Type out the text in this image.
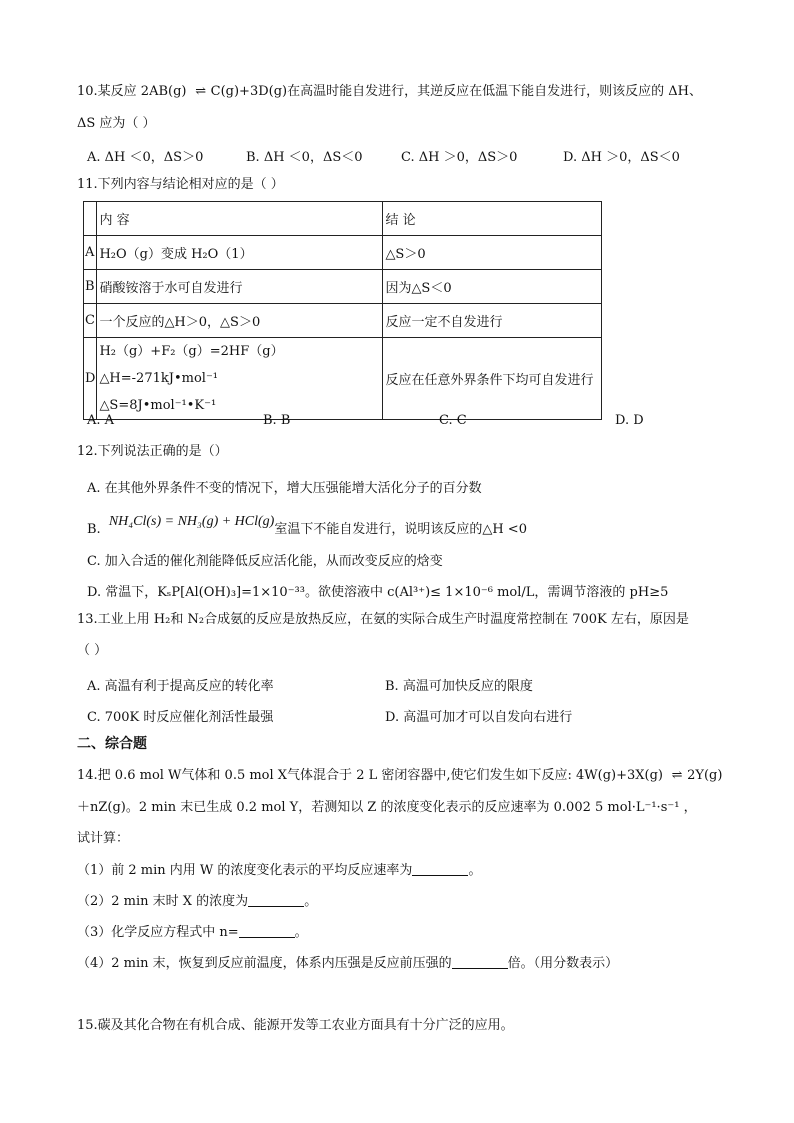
10.某反应 2AB(g) ⇌ C(g)+3D(g)在高温时能自发进行，其逆反应在低温下能自发进行，则该反应的 ΔH、
ΔS 应为（ ）
A. ΔH ＜0，ΔS＞0	B. ΔH ＜0，ΔS＜0	C. ΔH ＞0，ΔS＞0	D. ΔH ＞0，ΔS＜0
11.下列内容与结论相对应的是（ ）
	内 容	结 论
A	H₂O（g）变成 H₂O（1）	△S＞0
B	硝酸铵溶于水可自发进行	因为△S＜0
C	一个反应的△H＞0，△S＞0	反应一定不自发进行
D	H₂（g）+F₂（g）=2HF（g）△H=-271kJ•mol⁻¹
△S=8J•mol⁻¹•K⁻¹	反应在任意外界条件下均可自发进行
A. A	B. B	C. C	D. D
12.下列说法正确的是（）
A. 在其他外界条件不变的情况下，增大压强能增大活化分子的百分数
B. NH₄Cl(s) = NH₃(g) + HCl(g)室温下不能自发进行，说明该反应的△H <0
C. 加入合适的催化剂能降低反应活化能，从而改变反应的焓变
D. 常温下，KₛP[Al(OH)₃]=1×10⁻³³。欲使溶液中 c(Al³⁺)≤ 1×10⁻⁶ mol/L，需调节溶液的 pH≥5
13.工业上用 H₂和 N₂合成氨的反应是放热反应，在氨的实际合成生产时温度常控制在 700K 左右，原因是
（ ）
A. 高温有利于提高反应的转化率	B. 高温可加快反应的限度
C. 700K 时反应催化剂活性最强	D. 高温可加才可以自发向右进行
二、综合题
14.把 0.6 mol W气体和 0.5 mol X气体混合于 2 L 密闭容器中,使它们发生如下反应: 4W(g)+3X(g) ⇌ 2Y(g)
＋nZ(g)。2 min 末已生成 0.2 mol Y，若测知以 Z 的浓度变化表示的反应速率为 0.002 5 mol·L⁻¹·s⁻¹ ，
试计算：
（1）前 2 min 内用 W 的浓度变化表示的平均反应速率为	。
（2）2 min 末时 X 的浓度为	。
（3）化学反应方程式中 n=	。
（4）2 min 末，恢复到反应前温度，体系内压强是反应前压强的	倍。（用分数表示）
15.碳及其化合物在有机合成、能源开发等工农业方面具有十分广泛的应用。
